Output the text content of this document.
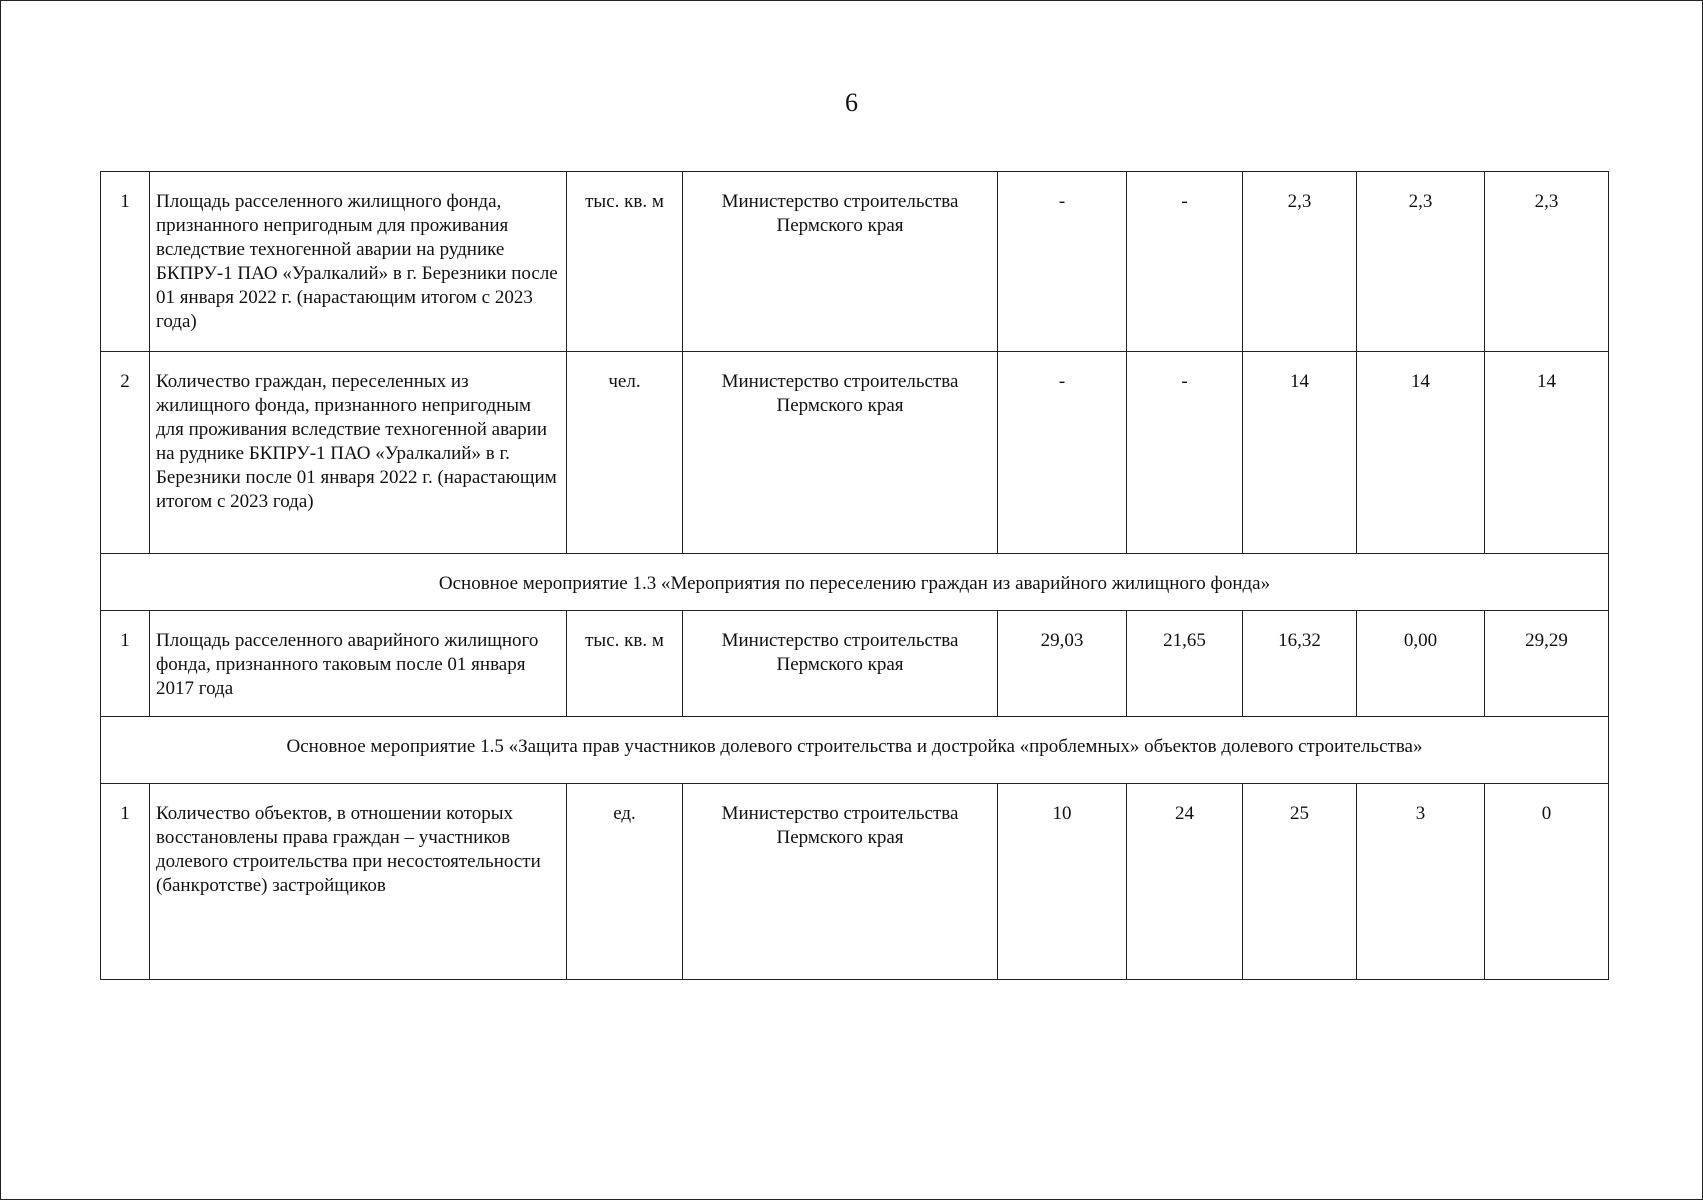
6
1	Площадь расселенного жилищного фонда, признанного непригодным для проживания вследствие техногенной аварии на руднике БКПРУ-1 ПАО «Уралкалий» в г. Березники после 01 января 2022 г. (нарастающим итогом с 2023 года)	тыс. кв. м	Министерство строительства Пермского края	-	-	2,3	2,3	2,3
2	Количество граждан, переселенных из жилищного фонда, признанного непригодным для проживания вследствие техногенной аварии на руднике БКПРУ-1 ПАО «Уралкалий» в г. Березники после 01 января 2022 г. (нарастающим итогом с 2023 года)	чел.	Министерство строительства Пермского края	-	-	14	14	14
Основное мероприятие 1.3 «Мероприятия по переселению граждан из аварийного жилищного фонда»								
1	Площадь расселенного аварийного жилищного фонда, признанного таковым после 01 января 2017 года	тыс. кв. м	Министерство строительства Пермского края	29,03	21,65	16,32	0,00	29,29
Основное мероприятие 1.5 «Защита прав участников долевого строительства и достройка «проблемных» объектов долевого строительства»								
1	Количество объектов, в отношении которых восстановлены права граждан – участников долевого строительства при несостоятельности (банкротстве) застройщиков	ед.	Министерство строительства Пермского края	10	24	25	3	0
